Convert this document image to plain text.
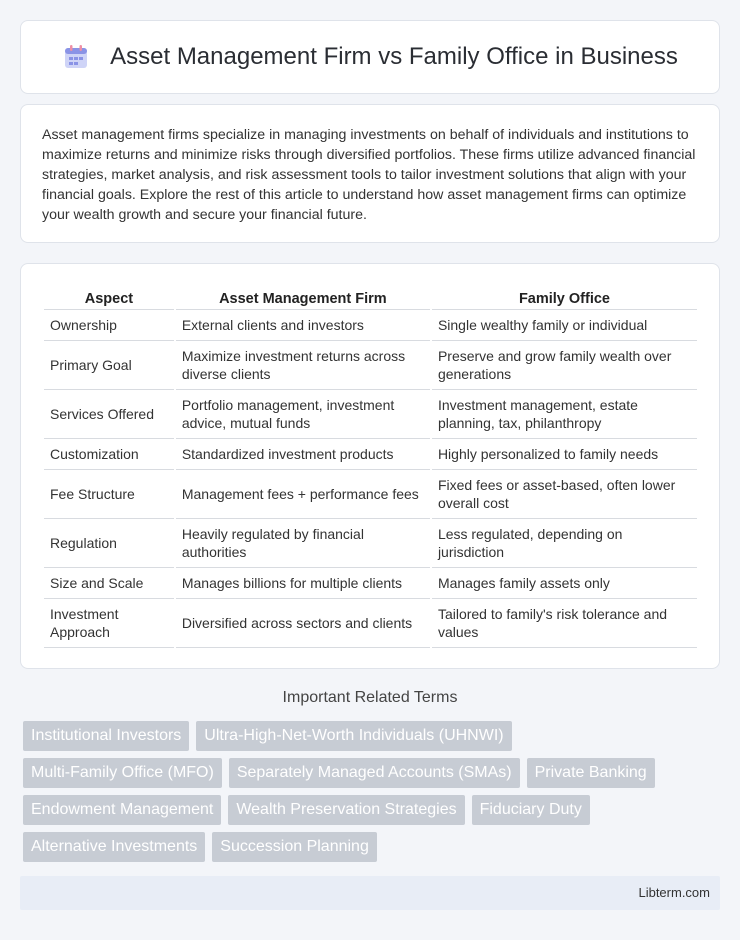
Asset Management Firm vs Family Office in Business

Asset management firms specialize in managing investments on behalf of individuals and institutions to maximize returns and minimize risks through diversified portfolios. These firms utilize advanced financial strategies, market analysis, and risk assessment tools to tailor investment solutions that align with your financial goals. Explore the rest of this article to understand how asset management firms can optimize your wealth growth and secure your financial future.

Aspect	Asset Management Firm	Family Office
Ownership	External clients and investors	Single wealthy family or individual
Primary Goal	Maximize investment returns across diverse clients	Preserve and grow family wealth over generations
Services Offered	Portfolio management, investment advice, mutual funds	Investment management, estate planning, tax, philanthropy
Customization	Standardized investment products	Highly personalized to family needs
Fee Structure	Management fees + performance fees	Fixed fees or asset-based, often lower overall cost
Regulation	Heavily regulated by financial authorities	Less regulated, depending on jurisdiction
Size and Scale	Manages billions for multiple clients	Manages family assets only
Investment Approach	Diversified across sectors and clients	Tailored to family's risk tolerance and values
Important Related Terms
Institutional Investors	Ultra-High-Net-Worth Individuals (UHNWI)
Multi-Family Office (MFO)	Separately Managed Accounts (SMAs)	Private Banking
Endowment Management	Wealth Preservation Strategies	Fiduciary Duty
Alternative Investments	Succession Planning
Libterm.com
